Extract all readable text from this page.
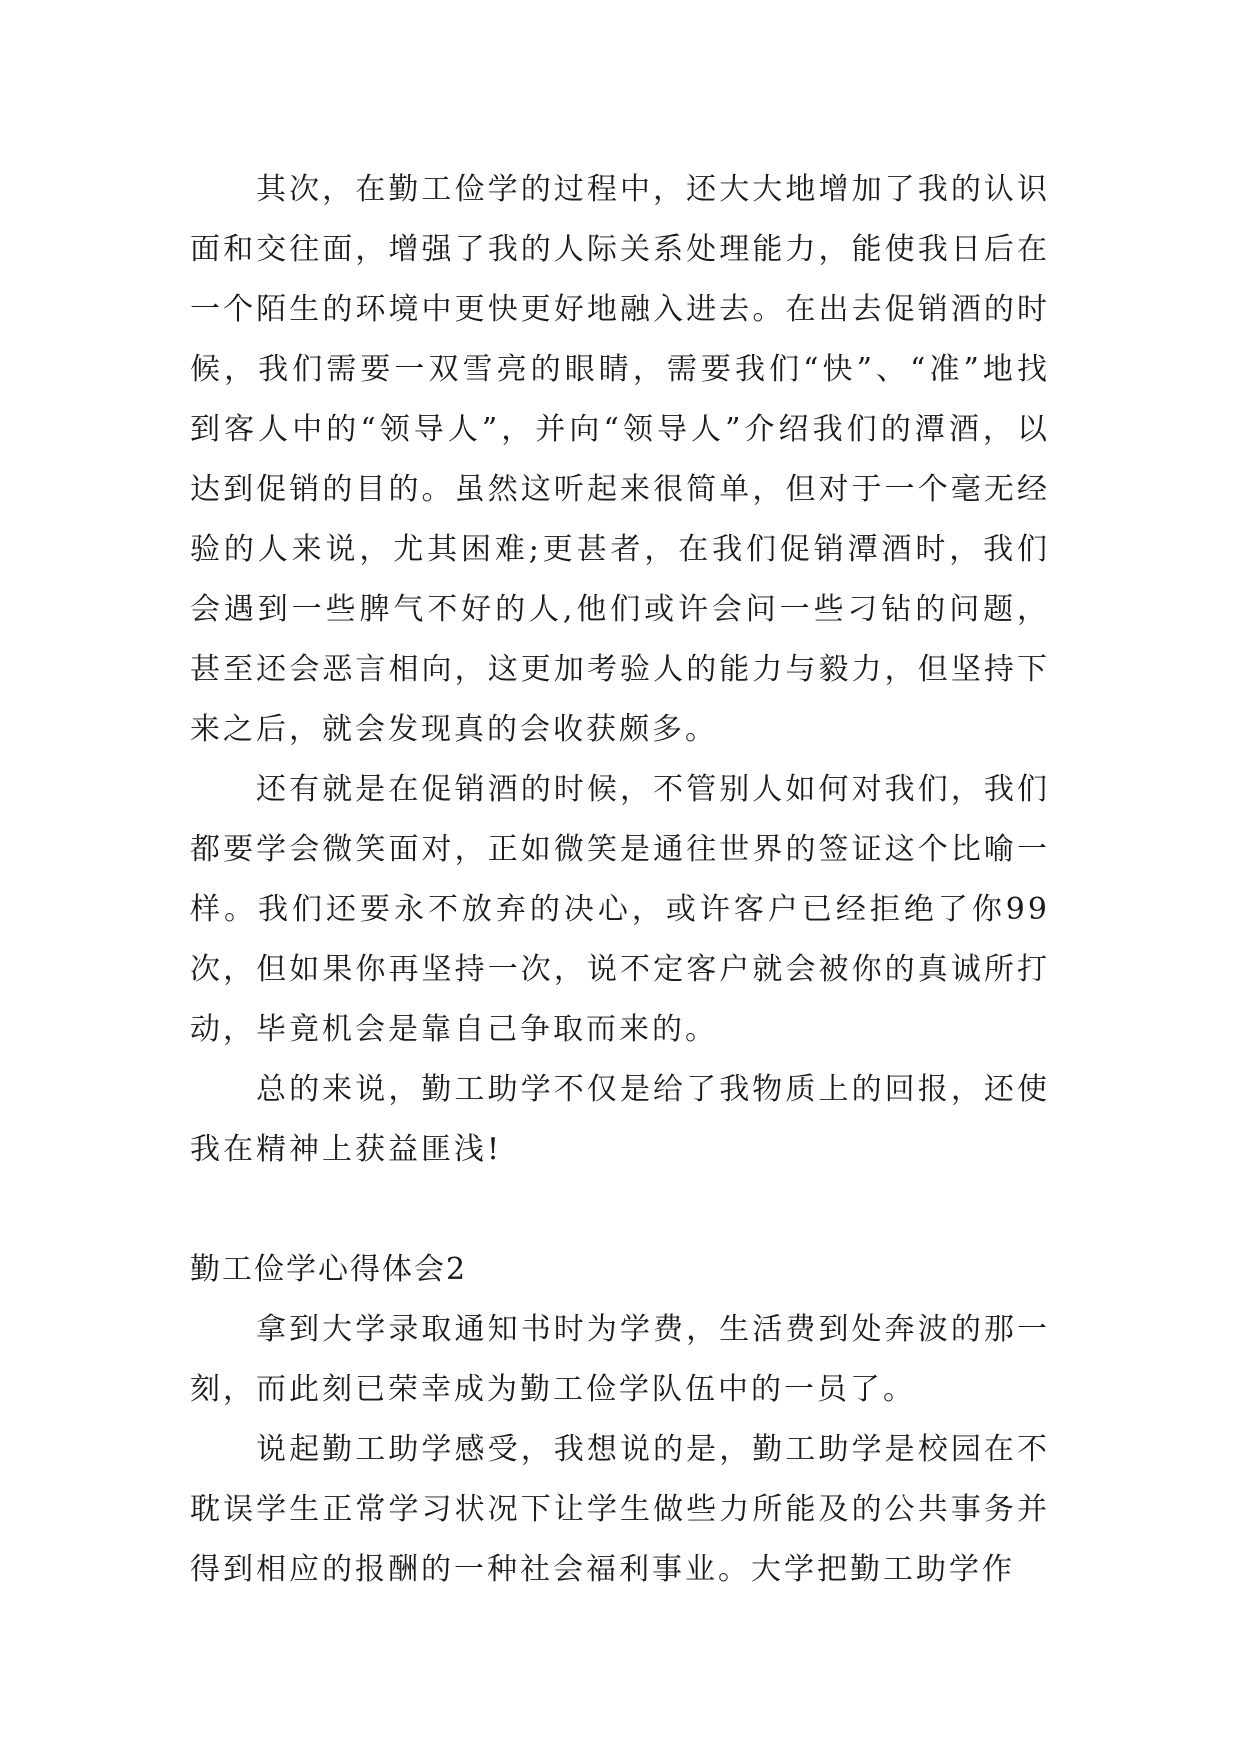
其次，在勤工俭学的过程中，还大大地增加了我的认识面和交往面，增强了我的人际关系处理能力，能使我日后在一个陌生的环境中更快更好地融入进去。在出去促销酒的时候，我们需要一双雪亮的眼睛，需要我们“快”、“准”地找到客人中的“领导人”，并向“领导人”介绍我们的潭酒，以达到促销的目的。虽然这听起来很简单，但对于一个毫无经验的人来说，尤其困难;更甚者，在我们促销潭酒时，我们会遇到一些脾气不好的人,他们或许会问一些刁钻的问题，甚至还会恶言相向，这更加考验人的能力与毅力，但坚持下来之后，就会发现真的会收获颇多。

还有就是在促销酒的时候，不管别人如何对我们，我们都要学会微笑面对，正如微笑是通往世界的签证这个比喻一样。我们还要永不放弃的决心，或许客户已经拒绝了你99次，但如果你再坚持一次，说不定客户就会被你的真诚所打动，毕竟机会是靠自己争取而来的。

总的来说，勤工助学不仅是给了我物质上的回报，还使我在精神上获益匪浅!

勤工俭学心得体会2

拿到大学录取通知书时为学费，生活费到处奔波的那一刻，而此刻已荣幸成为勤工俭学队伍中的一员了。

说起勤工助学感受，我想说的是，勤工助学是校园在不耽误学生正常学习状况下让学生做些力所能及的公共事务并得到相应的报酬的一种社会福利事业。大学把勤工助学作
